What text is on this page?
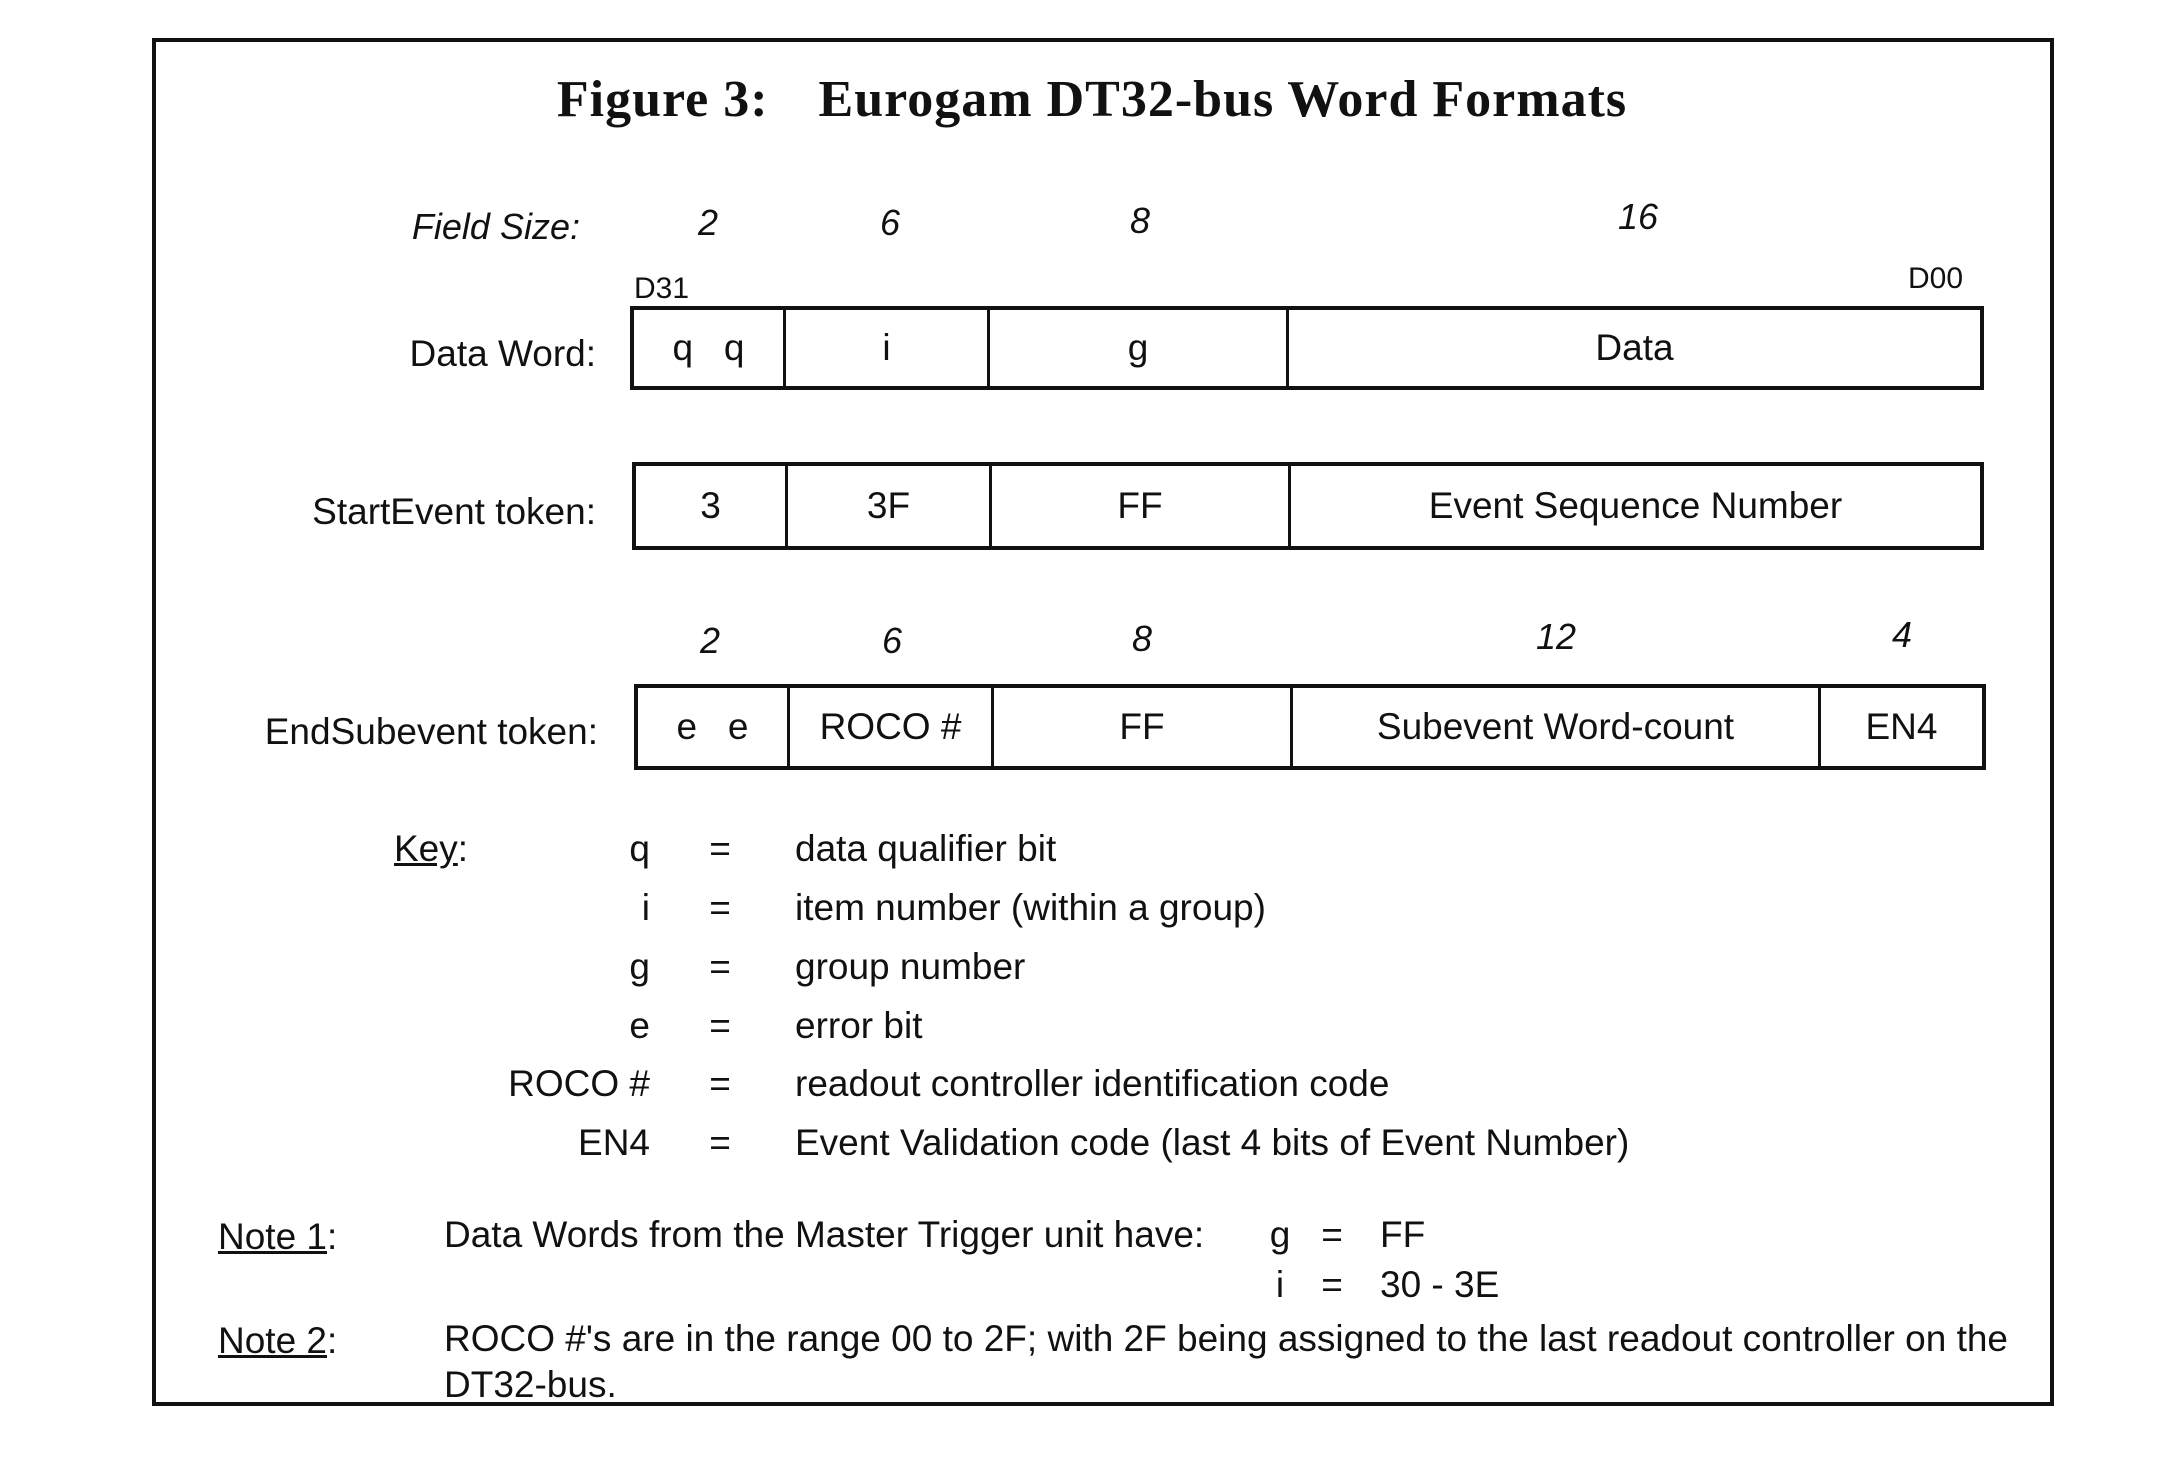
Figure 3: Eurogam DT32-bus Word Formats
Field Size:	2	6	8	16
D31	D00
Data Word:	q   q	i	g	Data
StartEvent token:	3	3F	FF	Event Sequence Number
2	6	8	12	4
EndSubevent token:	e   e	ROCO #	FF	Subevent Word-count	EN4
Key:	q = data qualifier bit
i = item number (within a group)
g = group number
e = error bit
ROCO # = readout controller identification code
EN4 = Event Validation code (last 4 bits of Event Number)
Note 1:	Data Words from the Master Trigger unit have: g = FF
i	= 30 - 3E
Note 2:	ROCO #'s are in the range 00 to 2F; with 2F being assigned to the last readout controller on the DT32-bus.
